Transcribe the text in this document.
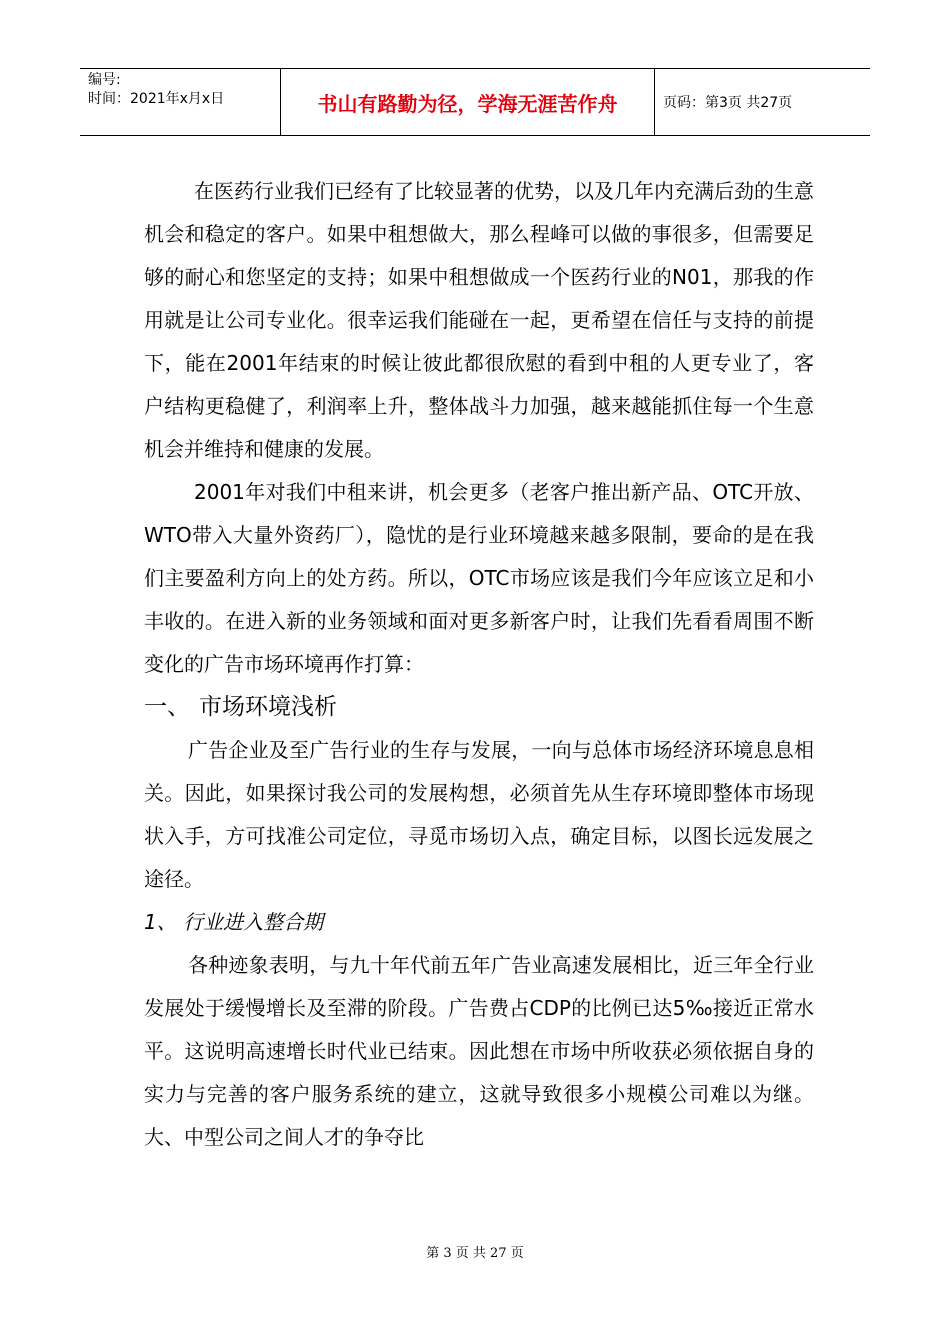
编号:
时间：2021年x月x日	书山有路勤为径，学海无涯苦作舟	页码：第3页 共27页

在医药行业我们已经有了比较显著的优势，以及几年内充满后劲的生意机会和稳定的客户。如果中租想做大，那么程峰可以做的事很多，但需要足够的耐心和您坚定的支持；如果中租想做成一个医药行业的N01，那我的作用就是让公司专业化。很幸运我们能碰在一起，更希望在信任与支持的前提下，能在2001年结束的时候让彼此都很欣慰的看到中租的人更专业了，客户结构更稳健了，利润率上升，整体战斗力加强，越来越能抓住每一个生意机会并维持和健康的发展。

2001年对我们中租来讲，机会更多（老客户推出新产品、OTC开放、WTO带入大量外资药厂），隐忧的是行业环境越来越多限制，要命的是在我们主要盈利方向上的处方药。所以，OTC市场应该是我们今年应该立足和小丰收的。在进入新的业务领域和面对更多新客户时，让我们先看看周围不断变化的广告市场环境再作打算：

一、 市场环境浅析

广告企业及至广告行业的生存与发展，一向与总体市场经济环境息息相关。因此，如果探讨我公司的发展构想，必须首先从生存环境即整体市场现状入手，方可找准公司定位，寻觅市场切入点，确定目标，以图长远发展之途径。

1、 行业进入整合期

各种迹象表明，与九十年代前五年广告业高速发展相比，近三年全行业发展处于缓慢增长及至滞的阶段。广告费占CDP的比例已达5‰接近正常水平。这说明高速增长时代业已结束。因此想在市场中所收获必须依据自身的实力与完善的客户服务系统的建立，这就导致很多小规模公司难以为继。大、中型公司之间人才的争夺比

第 3 页 共 27 页
